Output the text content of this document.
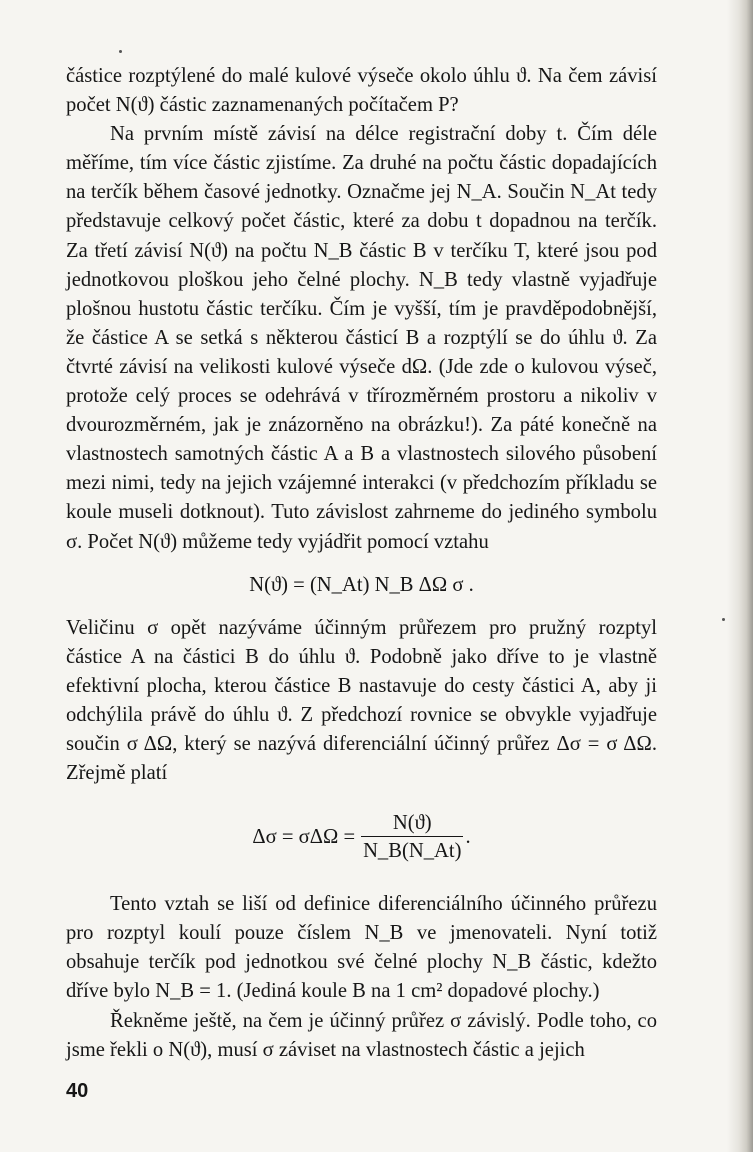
částice rozptýlené do malé kulové výseče okolo úhlu ϑ. Na čem závisí počet N(ϑ) částic zaznamenaných počítačem P?

Na prvním místě závisí na délce registrační doby t. Čím déle měříme, tím více částic zjistíme. Za druhé na počtu částic dopadajících na terčík během časové jednotky. Označme jej N_A. Součin N_At tedy představuje celkový počet částic, které za dobu t dopadnou na terčík. Za třetí závisí N(ϑ) na počtu N_B částic B v terčíku T, které jsou pod jednotkovou ploškou jeho čelné plochy. N_B tedy vlastně vyjadřuje plošnou hustotu částic terčíku. Čím je vyšší, tím je pravděpodobnější, že částice A se setká s některou částicí B a rozptýlí se do úhlu ϑ. Za čtvrté závisí na velikosti kulové výseče dΩ. (Jde zde o kulovou výseč, protože celý proces se odehrává v třírozměrném prostoru a nikoliv v dvourozměrném, jak je znázorněno na obrázku!). Za páté konečně na vlastnostech samotných částic A a B a vlastnostech silového působení mezi nimi, tedy na jejich vzájemné interakci (v předchozím příkladu se koule museli dotknout). Tuto závislost zahrneme do jediného symbolu σ. Počet N(ϑ) můžeme tedy vyjádřit pomocí vztahu

N(ϑ) = (N_At) N_B ΔΩ σ .

Veličinu σ opět nazýváme účinným průřezem pro pružný rozptyl částice A na částici B do úhlu ϑ. Podobně jako dříve to je vlastně efektivní plocha, kterou částice B nastavuje do cesty částici A, aby ji odchýlila právě do úhlu ϑ. Z předchozí rovnice se obvykle vyjadřuje součin σ ΔΩ, který se nazývá diferenciální účinný průřez Δσ = σ ΔΩ. Zřejmě platí

$\Delta\sigma = \sigma\Delta\Omega = \frac{N(ϑ)}{N\_B(N\_At)}$ .

Tento vztah se liší od definice diferenciálního účinného průřezu pro rozptyl koulí pouze číslem N_B ve jmenovateli. Nyní totiž obsahuje terčík pod jednotkou své čelné plochy N_B částic, kdežto dříve bylo N_B = 1. (Jediná koule B na 1 cm² dopadové plochy.)

Řekněme ještě, na čem je účinný průřez σ závislý. Podle toho, co jsme řekli o N(ϑ), musí σ záviset na vlastnostech částic a jejich

40
